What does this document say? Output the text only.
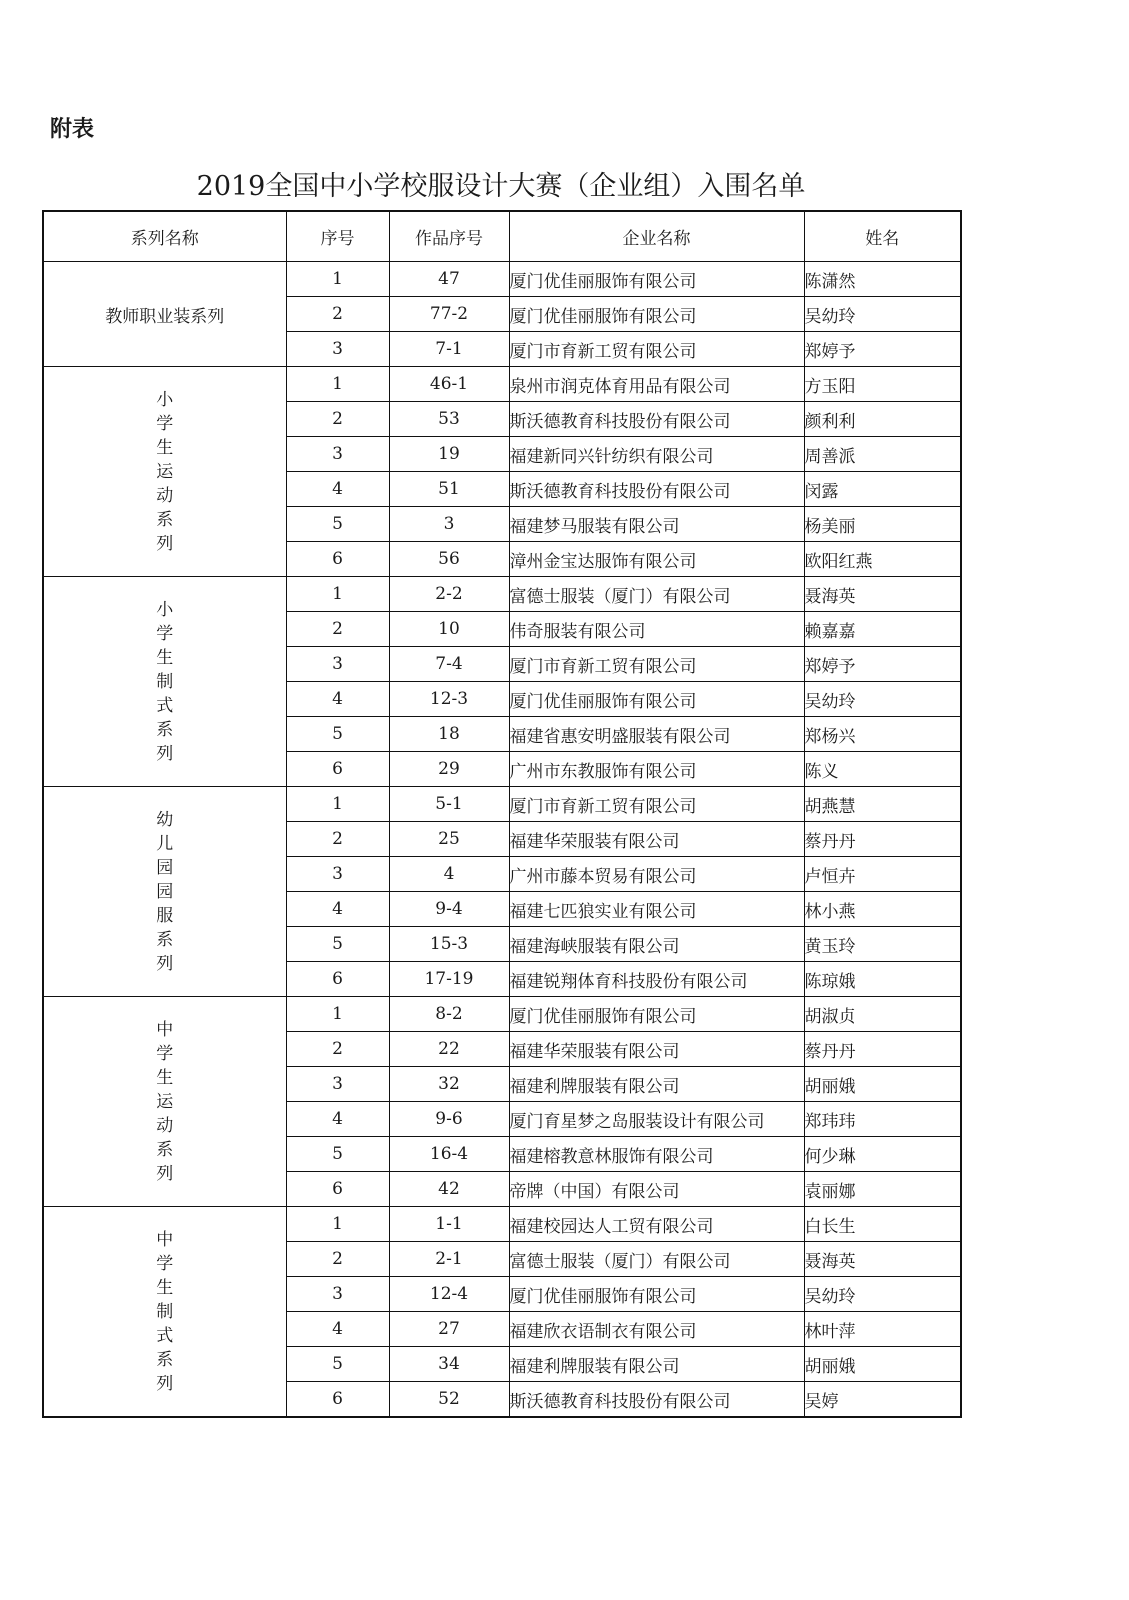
附表
2019全国中小学校服设计大赛（企业组）入围名单
系列名称	序号	作品序号	企业名称	姓名
教师职业装系列	1	47	厦门优佳丽服饰有限公司	陈潇然
	2	77-2	厦门优佳丽服饰有限公司	吴幼玲
	3	7-1	厦门市育新工贸有限公司	郑婷予
小学生运动系列	1	46-1	泉州市润克体育用品有限公司	方玉阳
	2	53	斯沃德教育科技股份有限公司	颜利利
	3	19	福建新同兴针纺织有限公司	周善派
	4	51	斯沃德教育科技股份有限公司	闵露
	5	3	福建梦马服装有限公司	杨美丽
	6	56	漳州金宝达服饰有限公司	欧阳红燕
小学生制式系列	1	2-2	富德士服装（厦门）有限公司	聂海英
	2	10	伟奇服装有限公司	赖嘉嘉
	3	7-4	厦门市育新工贸有限公司	郑婷予
	4	12-3	厦门优佳丽服饰有限公司	吴幼玲
	5	18	福建省惠安明盛服装有限公司	郑杨兴
	6	29	广州市东教服饰有限公司	陈义
幼儿园园服系列	1	5-1	厦门市育新工贸有限公司	胡燕慧
	2	25	福建华荣服装有限公司	蔡丹丹
	3	4	广州市藤本贸易有限公司	卢恒卉
	4	9-4	福建七匹狼实业有限公司	林小燕
	5	15-3	福建海峡服装有限公司	黄玉玲
	6	17-19	福建锐翔体育科技股份有限公司	陈琼娥
中学生运动系列	1	8-2	厦门优佳丽服饰有限公司	胡淑贞
	2	22	福建华荣服装有限公司	蔡丹丹
	3	32	福建利牌服装有限公司	胡丽娥
	4	9-6	厦门育星梦之岛服装设计有限公司	郑玮玮
	5	16-4	福建榕教意林服饰有限公司	何少琳
	6	42	帝牌（中国）有限公司	袁丽娜
中学生制式系列	1	1-1	福建校园达人工贸有限公司	白长生
	2	2-1	富德士服装（厦门）有限公司	聂海英
	3	12-4	厦门优佳丽服饰有限公司	吴幼玲
	4	27	福建欣衣语制衣有限公司	林叶萍
	5	34	福建利牌服装有限公司	胡丽娥
	6	52	斯沃德教育科技股份有限公司	吴婷
